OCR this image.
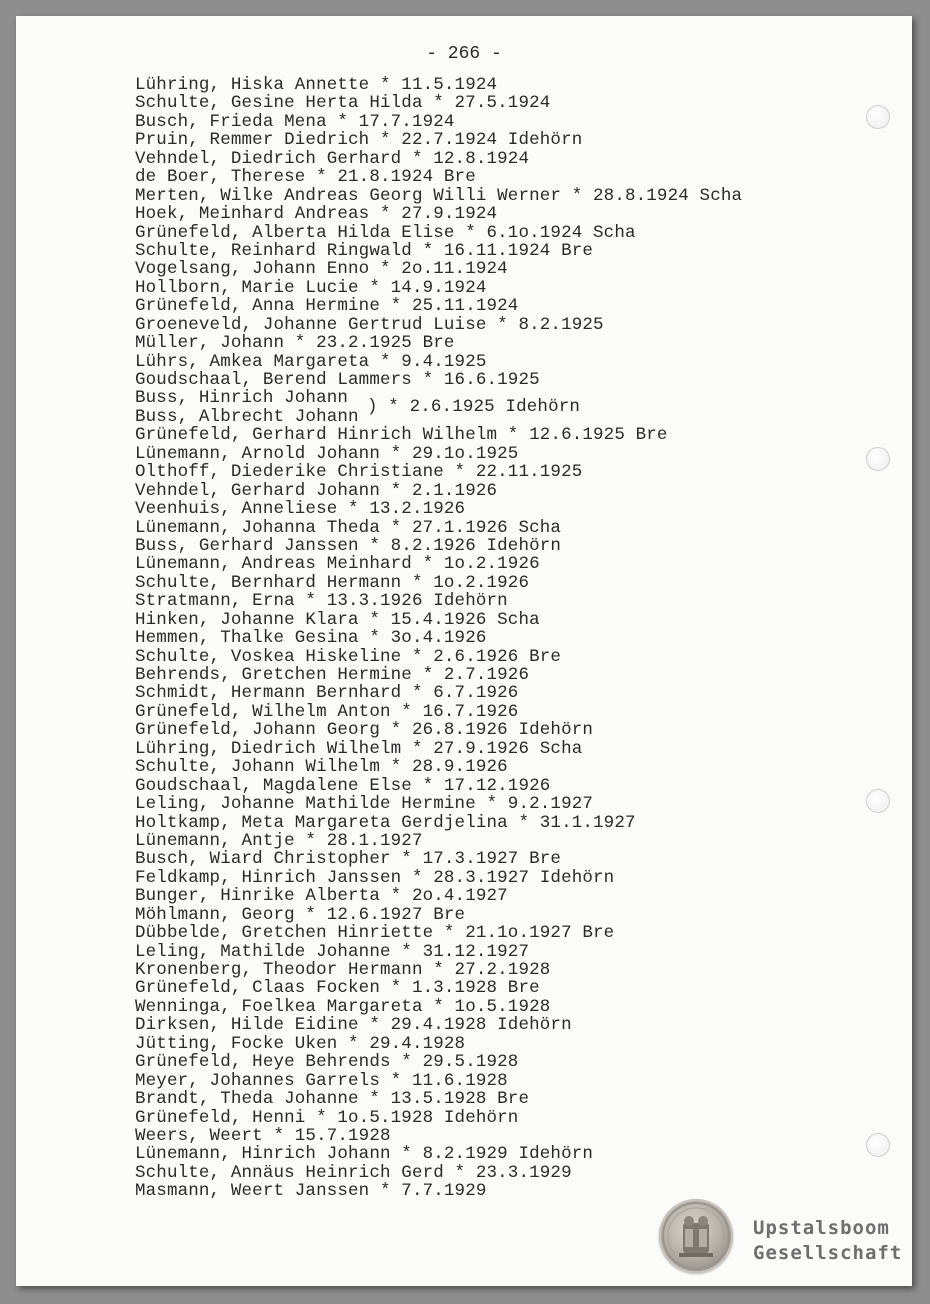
- 266 -
Lühring, Hiska Annette * 11.5.1924
Schulte, Gesine Herta Hilda * 27.5.1924
Busch, Frieda Mena * 17.7.1924
Pruin, Remmer Diedrich * 22.7.1924 Idehörn
Vehndel, Diedrich Gerhard * 12.8.1924
de Boer, Therese * 21.8.1924 Bre
Merten, Wilke Andreas Georg Willi Werner * 28.8.1924 Scha
Hoek, Meinhard Andreas * 27.9.1924
Grünefeld, Alberta Hilda Elise * 6.1o.1924 Scha
Schulte, Reinhard Ringwald * 16.11.1924 Bre
Vogelsang, Johann Enno * 2o.11.1924
Hollborn, Marie Lucie * 14.9.1924
Grünefeld, Anna Hermine * 25.11.1924
Groeneveld, Johanne Gertrud Luise * 8.2.1925
Müller, Johann * 23.2.1925 Bre
Lührs, Amkea Margareta * 9.4.1925
Goudschaal, Berend Lammers * 16.6.1925
Buss, Hinrich Johann
Buss, Albrecht Johann ) * 2.6.1925 Idehörn
Grünefeld, Gerhard Hinrich Wilhelm * 12.6.1925 Bre
Lünemann, Arnold Johann * 29.1o.1925
Olthoff, Diederike Christiane * 22.11.1925
Vehndel, Gerhard Johann * 2.1.1926
Veenhuis, Anneliese * 13.2.1926
Lünemann, Johanna Theda * 27.1.1926 Scha
Buss, Gerhard Janssen * 8.2.1926 Idehörn
Lünemann, Andreas Meinhard * 1o.2.1926
Schulte, Bernhard Hermann * 1o.2.1926
Stratmann, Erna * 13.3.1926 Idehörn
Hinken, Johanne Klara * 15.4.1926 Scha
Hemmen, Thalke Gesina * 3o.4.1926
Schulte, Voskea Hiskeline * 2.6.1926 Bre
Behrends, Gretchen Hermine * 2.7.1926
Schmidt, Hermann Bernhard * 6.7.1926
Grünefeld, Wilhelm Anton * 16.7.1926
Grünefeld, Johann Georg * 26.8.1926 Idehörn
Lühring, Diedrich Wilhelm * 27.9.1926 Scha
Schulte, Johann Wilhelm * 28.9.1926
Goudschaal, Magdalene Else * 17.12.1926
Leling, Johanne Mathilde Hermine * 9.2.1927
Holtkamp, Meta Margareta Gerdjelina * 31.1.1927
Lünemann, Antje * 28.1.1927
Busch, Wiard Christopher * 17.3.1927 Bre
Feldkamp, Hinrich Janssen * 28.3.1927 Idehörn
Bunger, Hinrike Alberta * 2o.4.1927
Möhlmann, Georg * 12.6.1927 Bre
Dübbelde, Gretchen Hinriette * 21.1o.1927 Bre
Leling, Mathilde Johanne * 31.12.1927
Kronenberg, Theodor Hermann * 27.2.1928
Grünefeld, Claas Focken * 1.3.1928 Bre
Wenninga, Foelkea Margareta * 1o.5.1928
Dirksen, Hilde Eidine * 29.4.1928 Idehörn
Jütting, Focke Uken * 29.4.1928
Grünefeld, Heye Behrends * 29.5.1928
Meyer, Johannes Garrels * 11.6.1928
Brandt, Theda Johanne * 13.5.1928 Bre
Grünefeld, Henni * 1o.5.1928 Idehörn
Weers, Weert * 15.7.1928
Lünemann, Hinrich Johann * 8.2.1929 Idehörn
Schulte, Annäus Heinrich Gerd * 23.3.1929
Masmann, Weert Janssen * 7.7.1929
Upstalsboom
Gesellschaft
